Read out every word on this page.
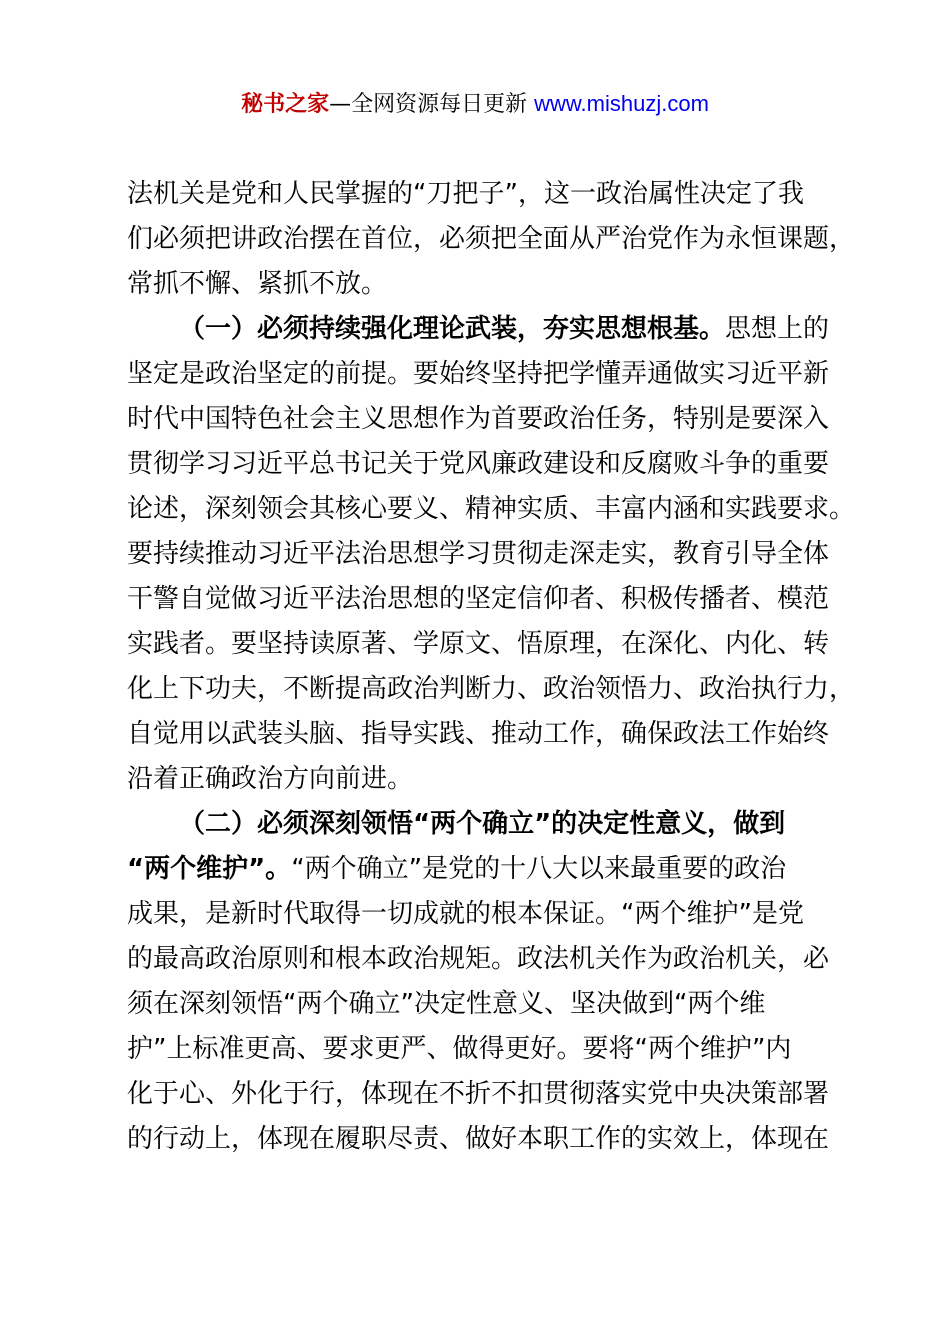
秘书之家—全网资源每日更新 www.mishuzj.com
法机关是党和人民掌握的“刀把子”，这一政治属性决定了我
们必须把讲政治摆在首位，必须把全面从严治党作为永恒课题，
常抓不懈、紧抓不放。
（一）必须持续强化理论武装，夯实思想根基。思想上的
坚定是政治坚定的前提。要始终坚持把学懂弄通做实习近平新
时代中国特色社会主义思想作为首要政治任务，特别是要深入
贯彻学习习近平总书记关于党风廉政建设和反腐败斗争的重要
论述，深刻领会其核心要义、精神实质、丰富内涵和实践要求。
要持续推动习近平法治思想学习贯彻走深走实，教育引导全体
干警自觉做习近平法治思想的坚定信仰者、积极传播者、模范
实践者。要坚持读原著、学原文、悟原理，在深化、内化、转
化上下功夫，不断提高政治判断力、政治领悟力、政治执行力，
自觉用以武装头脑、指导实践、推动工作，确保政法工作始终
沿着正确政治方向前进。
（二）必须深刻领悟“两个确立”的决定性意义，做到
“两个维护”。“两个确立”是党的十八大以来最重要的政治
成果，是新时代取得一切成就的根本保证。“两个维护”是党
的最高政治原则和根本政治规矩。政法机关作为政治机关，必
须在深刻领悟“两个确立”决定性意义、坚决做到“两个维
护”上标准更高、要求更严、做得更好。要将“两个维护”内
化于心、外化于行，体现在不折不扣贯彻落实党中央决策部署
的行动上，体现在履职尽责、做好本职工作的实效上，体现在
